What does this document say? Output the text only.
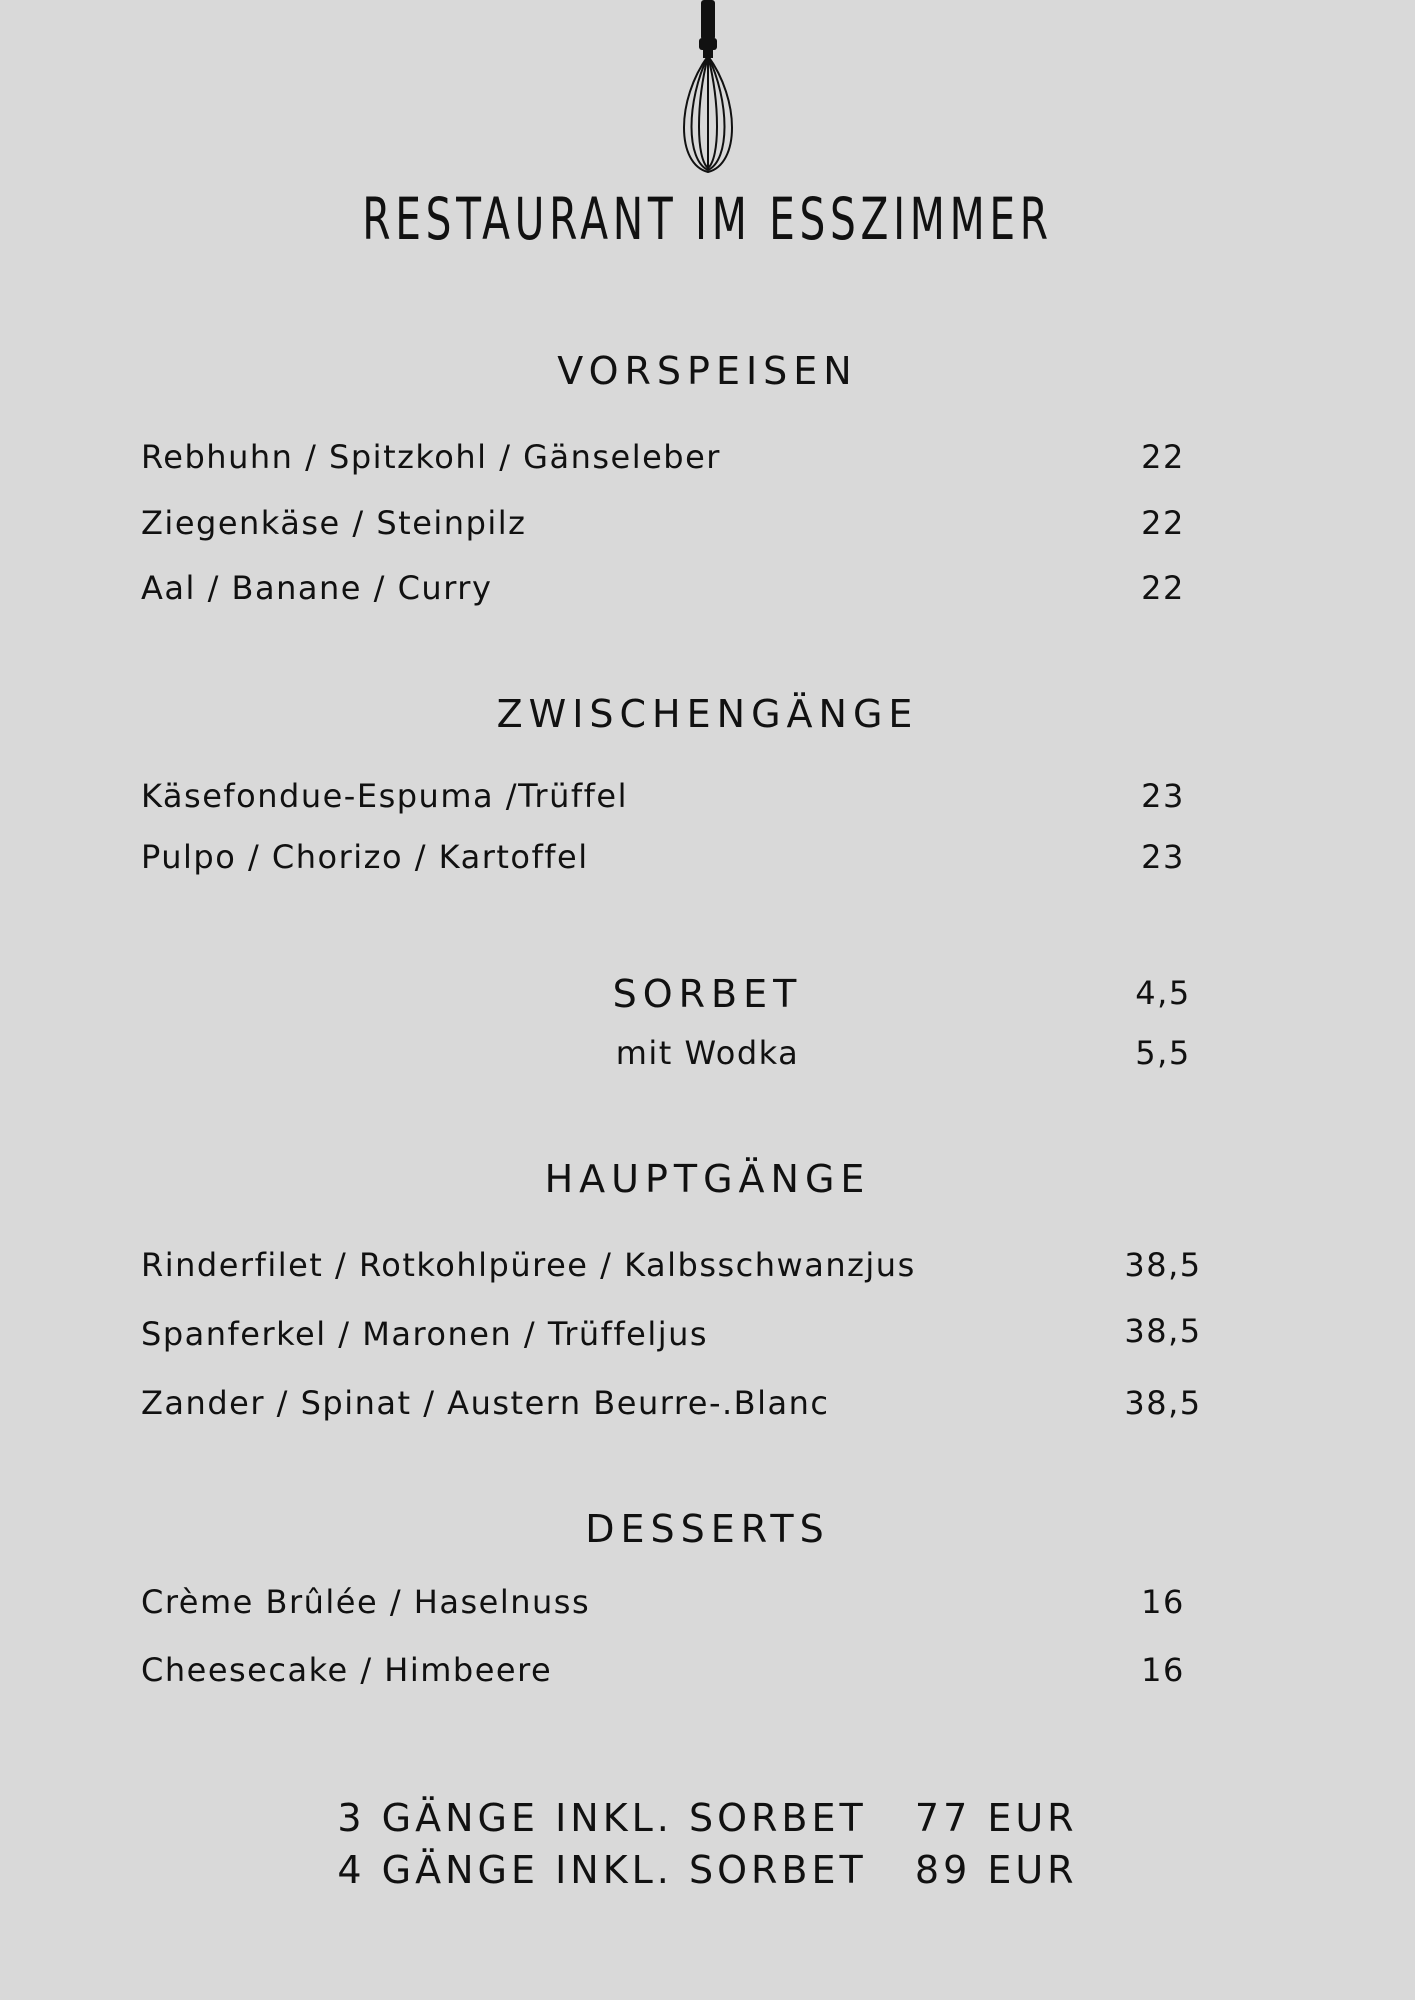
RESTAURANT IM ESSZIMMER
VORSPEISEN
Rebhuhn / Spitzkohl / Gänseleber	22
Ziegenkäse / Steinpilz	22
Aal / Banane / Curry	22
ZWISCHENGÄNGE
Käsefondue-Espuma /Trüffel	23
Pulpo / Chorizo / Kartoffel	23
SORBET	4,5
mit Wodka	5,5
HAUPTGÄNGE
Rinderfilet / Rotkohlpüree / Kalbsschwanzjus	38,5
Spanferkel / Maronen / Trüffeljus	38,5
Zander / Spinat / Austern Beurre-.Blanc	38,5
DESSERTS
Crème Brûlée / Haselnuss	16
Cheesecake / Himbeere	16
3 GÄNGE INKL. SORBET   77 EUR
4 GÄNGE INKL. SORBET   89 EUR
